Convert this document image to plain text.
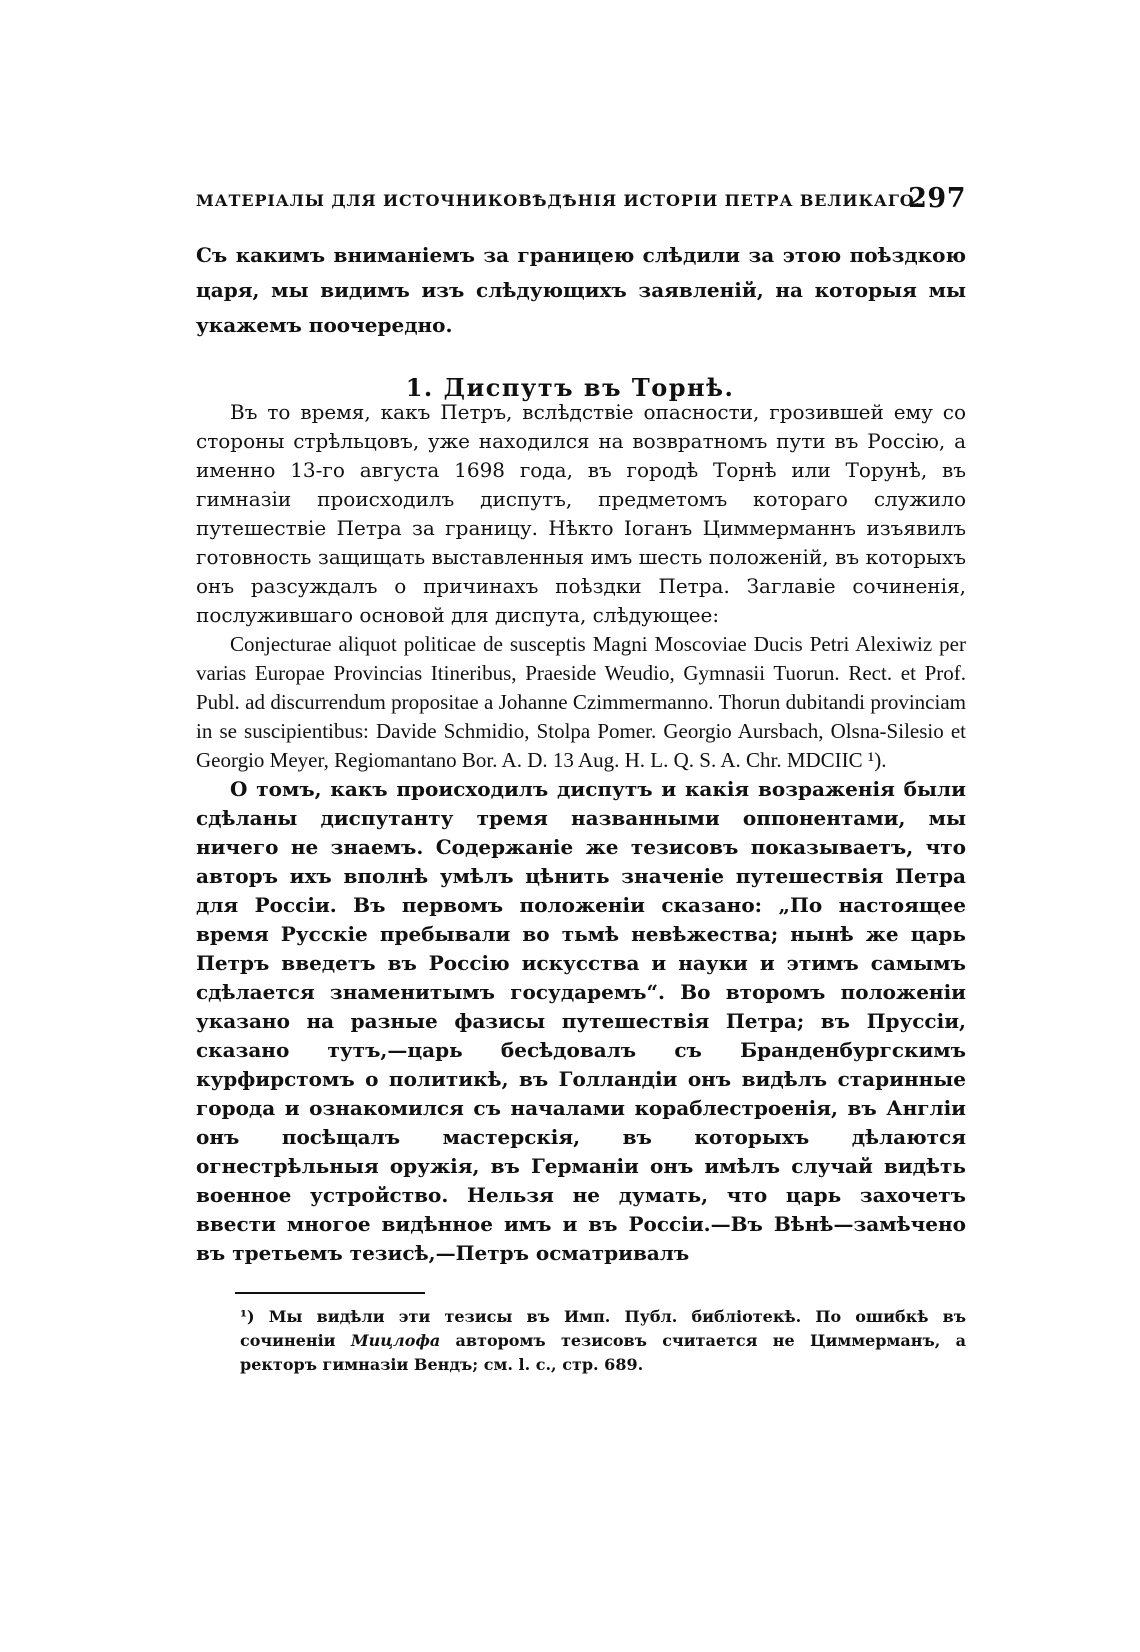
МАТЕРІАЛЫ ДЛЯ ИСТОЧНИКОВѢДѢНІЯ ИСТОРІИ ПЕТРА ВЕЛИКАГО.
297
Съ какимъ вниманіемъ за границею слѣдили за этою поѣздкою царя, мы видимъ изъ слѣдующихъ заявленій, на которыя мы укажемъ поочередно.
1. Диспутъ въ Торнѣ.

Въ то время, какъ Петръ, вслѣдствіе опасности, грозившей ему со стороны стрѣльцовъ, уже находился на возвратномъ пути въ Россію, а именно 13-го августа 1698 года, въ городѣ Торнѣ или Торунѣ, въ гимназіи происходилъ диспутъ, предметомъ котораго служило путешествіе Петра за границу. Нѣкто Іоганъ Циммерманнъ изъявилъ готовность защищать выставленныя имъ шесть положеній, въ которыхъ онъ разсуждалъ о причинахъ поѣздки Петра. Заглавіе сочиненія, послужившаго основой для диспута, слѣдующее:

Conjecturae aliquot politicae de susceptis Magni Moscoviae Ducis Petri Alexiwiz per varias Europae Provincias Itineribus, Praeside Weudio, Gymnasii Tuorun. Rect. et Prof. Publ. ad discurrendum propositae a Johanne Czimmermanno. Thorun dubitandi provinciam in se suscipientibus: Davide Schmidio, Stolpa Pomer. Georgio Aursbach, Olsna-Silesio et Georgio Meyer, Regiomantano Bor. A. D. 13 Aug. H. L. Q. S. A. Chr. MDCIIC ¹).

О томъ, какъ происходилъ диспутъ и какія возраженія были сдѣланы диспутанту тремя названными оппонентами, мы ничего не знаемъ. Содержаніе же тезисовъ показываетъ, что авторъ ихъ вполнѣ умѣлъ цѣнить значеніе путешествія Петра для Россіи. Въ первомъ положеніи сказано: „По настоящее время Русскіе пребывали во тьмѣ невѣжества; нынѣ же царь Петръ введетъ въ Россію искусства и науки и этимъ самымъ сдѣлается знаменитымъ государемъ“. Во второмъ положеніи указано на разные фазисы путешествія Петра; въ Пруссіи, сказано тутъ,—царь бесѣдовалъ съ Бранденбургскимъ курфирстомъ о политикѣ, въ Голландіи онъ видѣлъ старинные города и ознакомился съ началами кораблестроенія, въ Англіи онъ посѣщалъ мастерскія, въ которыхъ дѣлаются огнестрѣльныя оружія, въ Германіи онъ имѣлъ случай видѣть военное устройство. Нельзя не думать, что царь захочетъ ввести многое видѣнное имъ и въ Россіи.—Въ Вѣнѣ—замѣчено въ третьемъ тезисѣ,—Петръ осматривалъ

¹) Мы видѣли эти тезисы въ Имп. Публ. библіотекѣ. По ошибкѣ въ сочиненіи Мицлофа авторомъ тезисовъ считается не Циммерманъ, а ректоръ гимназіи Вендъ; см. l. c., стр. 689.
